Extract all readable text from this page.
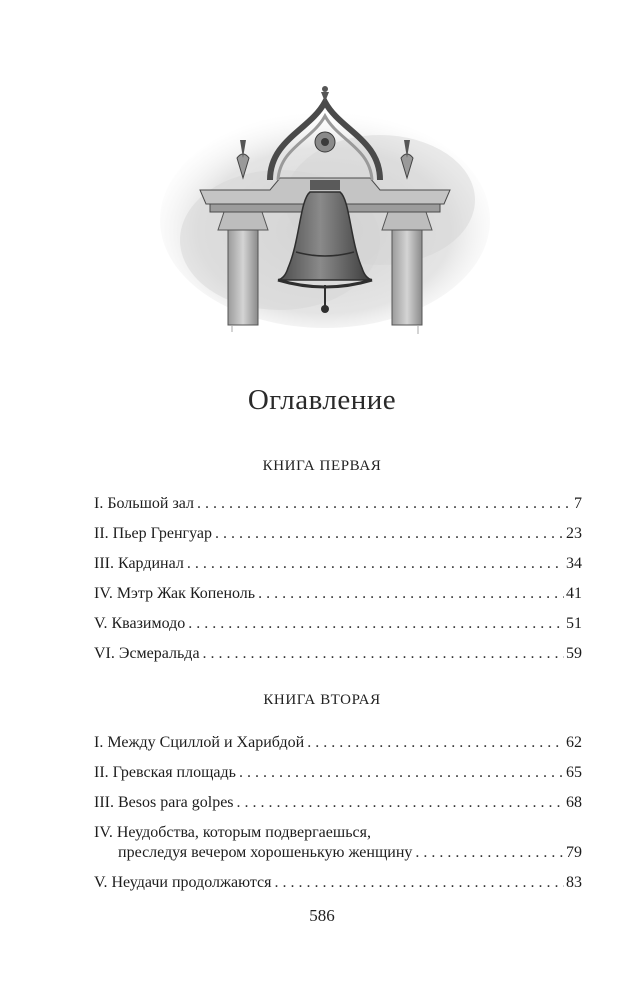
Оглавление
КНИГА ПЕРВАЯ
I. Большой зал . . .	7
II. Пьер Гренгуар . . .	23
III. Кардинал . . .	34
IV. Мэтр Жак Копеноль . . .	41
V. Квазимодо . . .	51
VI. Эсмеральда . . .	59
КНИГА ВТОРАЯ
I. Между Сциллой и Харибдой . . .	62
II. Гревская площадь . . .	65
III. Besos para golpes . . .	68
IV. Неудобства, которым подвергаешься,
преследуя вечером хорошенькую женщину . . .	79
V. Неудачи продолжаются . . .	83
586
